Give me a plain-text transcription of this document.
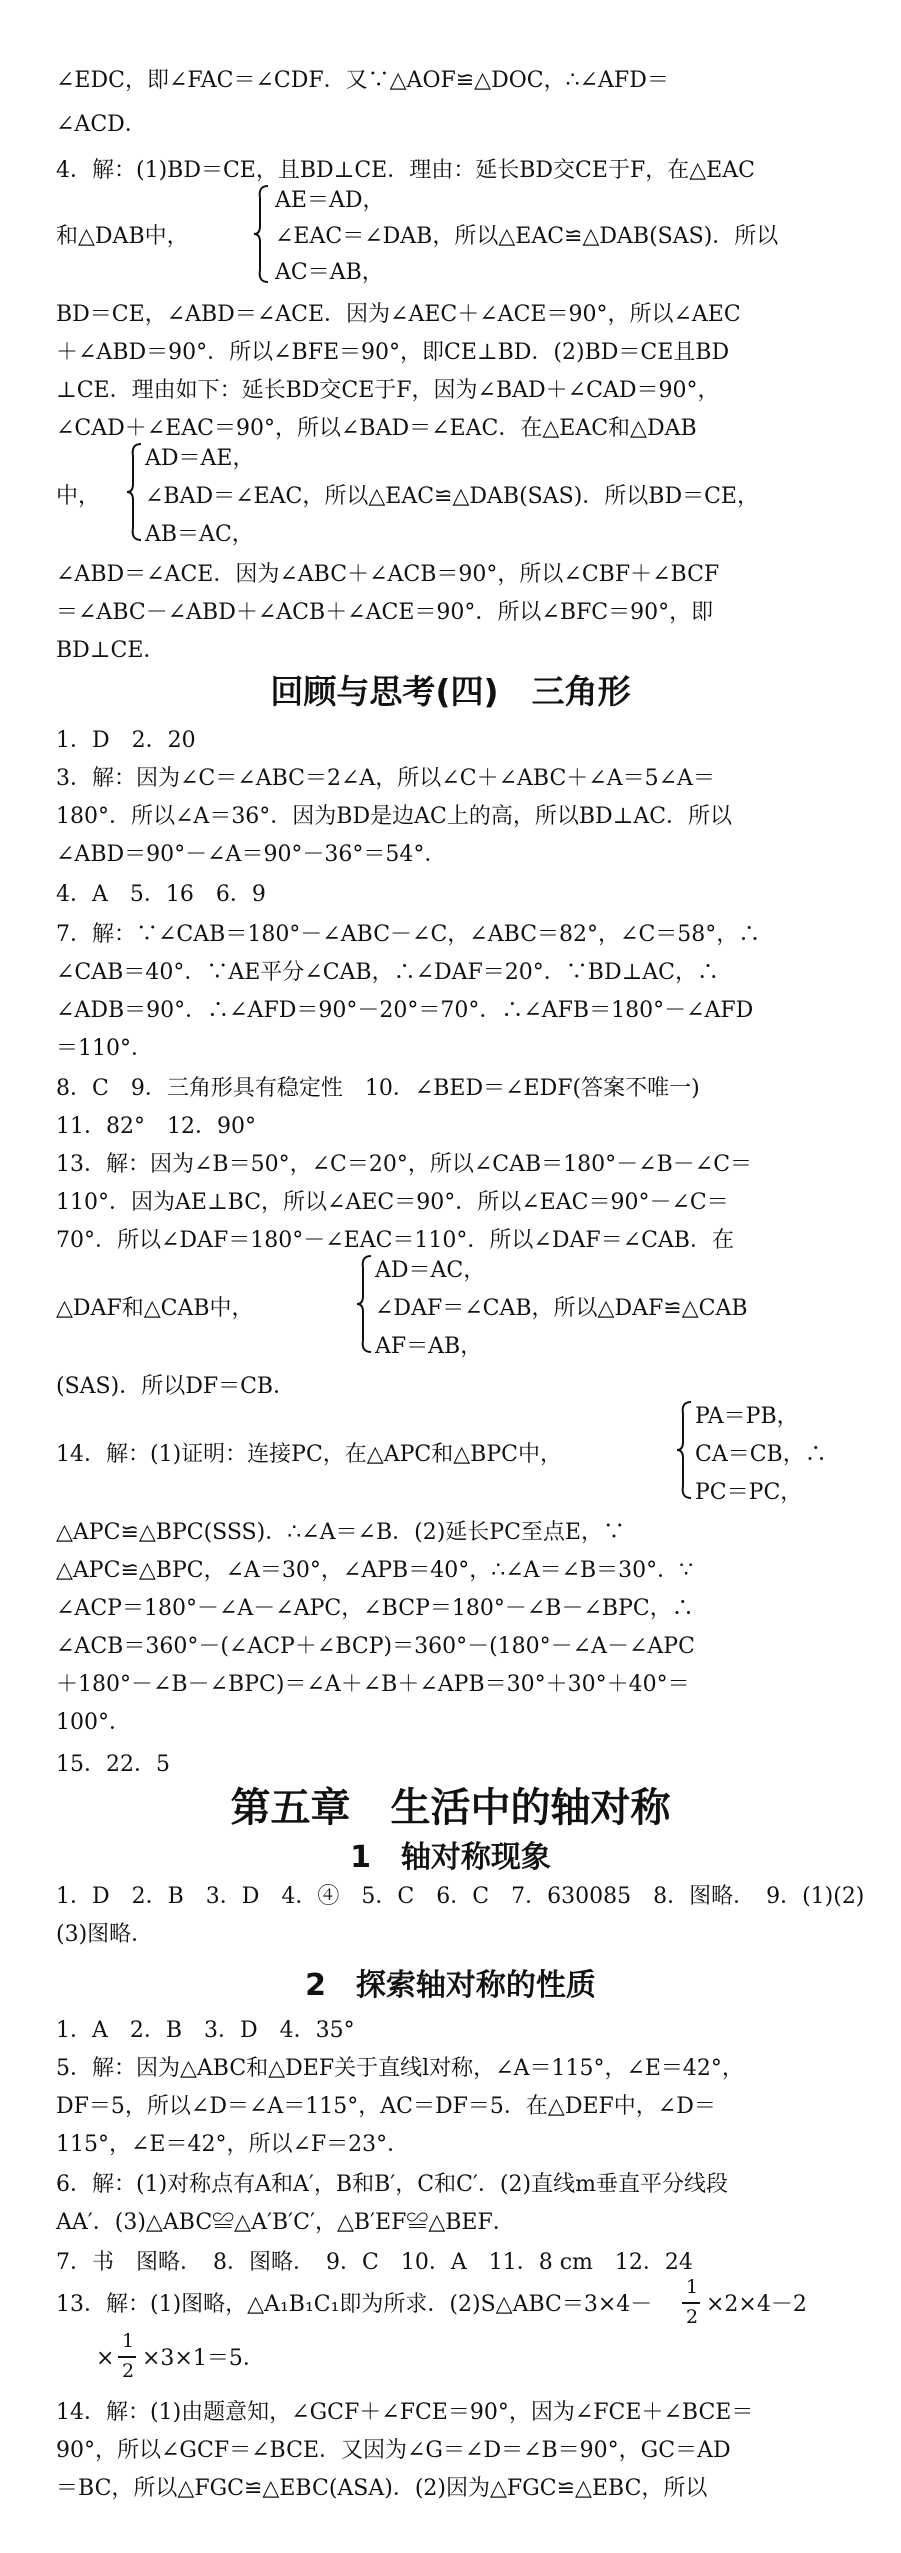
∠EDC，即∠FAC＝∠CDF．又∵△AOF≌△DOC，∴∠AFD＝
∠ACD．
4．解：(1)BD＝CE，且BD⊥CE．理由：延长BD交CE于F，在△EAC
AE＝AD，
和△DAB中，	∠EAC＝∠DAB，所以△EAC≌△DAB(SAS)．所以
AC＝AB，
BD＝CE，∠ABD＝∠ACE．因为∠AEC＋∠ACE＝90°，所以∠AEC
＋∠ABD＝90°．所以∠BFE＝90°，即CE⊥BD．(2)BD＝CE且BD
⊥CE．理由如下：延长BD交CE于F，因为∠BAD＋∠CAD＝90°，
∠CAD＋∠EAC＝90°，所以∠BAD＝∠EAC．在△EAC和△DAB
AD＝AE，
中，	∠BAD＝∠EAC，所以△EAC≌△DAB(SAS)．所以BD＝CE，
AB＝AC，
∠ABD＝∠ACE．因为∠ABC＋∠ACB＝90°，所以∠CBF＋∠BCF
＝∠ABC－∠ABD＋∠ACB＋∠ACE＝90°．所以∠BFC＝90°，即
BD⊥CE．
回顾与思考(四)　三角形
1．D　2．20
3．解：因为∠C＝∠ABC＝2∠A，所以∠C＋∠ABC＋∠A＝5∠A＝
180°．所以∠A＝36°．因为BD是边AC上的高，所以BD⊥AC．所以
∠ABD＝90°－∠A＝90°－36°＝54°．
4．A　5．16　6．9
7．解：∵∠CAB＝180°－∠ABC－∠C，∠ABC＝82°，∠C＝58°，∴
∠CAB＝40°．∵AE平分∠CAB，∴∠DAF＝20°．∵BD⊥AC，∴
∠ADB＝90°．∴∠AFD＝90°－20°＝70°．∴∠AFB＝180°－∠AFD
＝110°．
8．C　9．三角形具有稳定性　10．∠BED＝∠EDF(答案不唯一)
11．82°　12．90°
13．解：因为∠B＝50°，∠C＝20°，所以∠CAB＝180°－∠B－∠C＝
110°．因为AE⊥BC，所以∠AEC＝90°．所以∠EAC＝90°－∠C＝
70°．所以∠DAF＝180°－∠EAC＝110°．所以∠DAF＝∠CAB．在
AD＝AC，
△DAF和△CAB中，	∠DAF＝∠CAB，所以△DAF≌△CAB
AF＝AB，
(SAS)．所以DF＝CB．
PA＝PB，
14．解：(1)证明：连接PC，在△APC和△BPC中，	CA＝CB，∴
PC＝PC，
△APC≌△BPC(SSS)．∴∠A＝∠B．(2)延长PC至点E，∵
△APC≌△BPC，∠A＝30°，∠APB＝40°，∴∠A＝∠B＝30°．∵
∠ACP＝180°－∠A－∠APC，∠BCP＝180°－∠B－∠BPC，∴
∠ACB＝360°－(∠ACP＋∠BCP)＝360°－(180°－∠A－∠APC
＋180°－∠B－∠BPC)＝∠A＋∠B＋∠APB＝30°＋30°＋40°＝
100°．
15．22．5
第五章　生活中的轴对称
1　轴对称现象
1．D　2．B　3．D　4．④　5．C　6．C　7．630085　8．图略．　9．(1)(2)
(3)图略．
2　探索轴对称的性质
1．A　2．B　3．D　4．35°
5．解：因为△ABC和△DEF关于直线l对称，∠A＝115°，∠E＝42°，
DF＝5，所以∠D＝∠A＝115°，AC＝DF＝5．在△DEF中，∠D＝
115°，∠E＝42°，所以∠F＝23°．
6．解：(1)对称点有A和A′，B和B′，C和C′．(2)直线m垂直平分线段
AA′．(3)△ABC≌△A′B′C′，△B′EF≌△BEF．
7．书　图略．　8．图略．　9．C　10．A　11．8 cm　12．24
13．解：(1)图略，△A₁B₁C₁即为所求．(2)S△ABC＝3×4－
1
2 ×2×4－2
×
1
2 ×3×1＝5．
14．解：(1)由题意知，∠GCF＋∠FCE＝90°，因为∠FCE＋∠BCE＝
90°，所以∠GCF＝∠BCE．又因为∠G＝∠D＝∠B＝90°，GC＝AD
＝BC，所以△FGC≌△EBC(ASA)．(2)因为△FGC≌△EBC，所以
